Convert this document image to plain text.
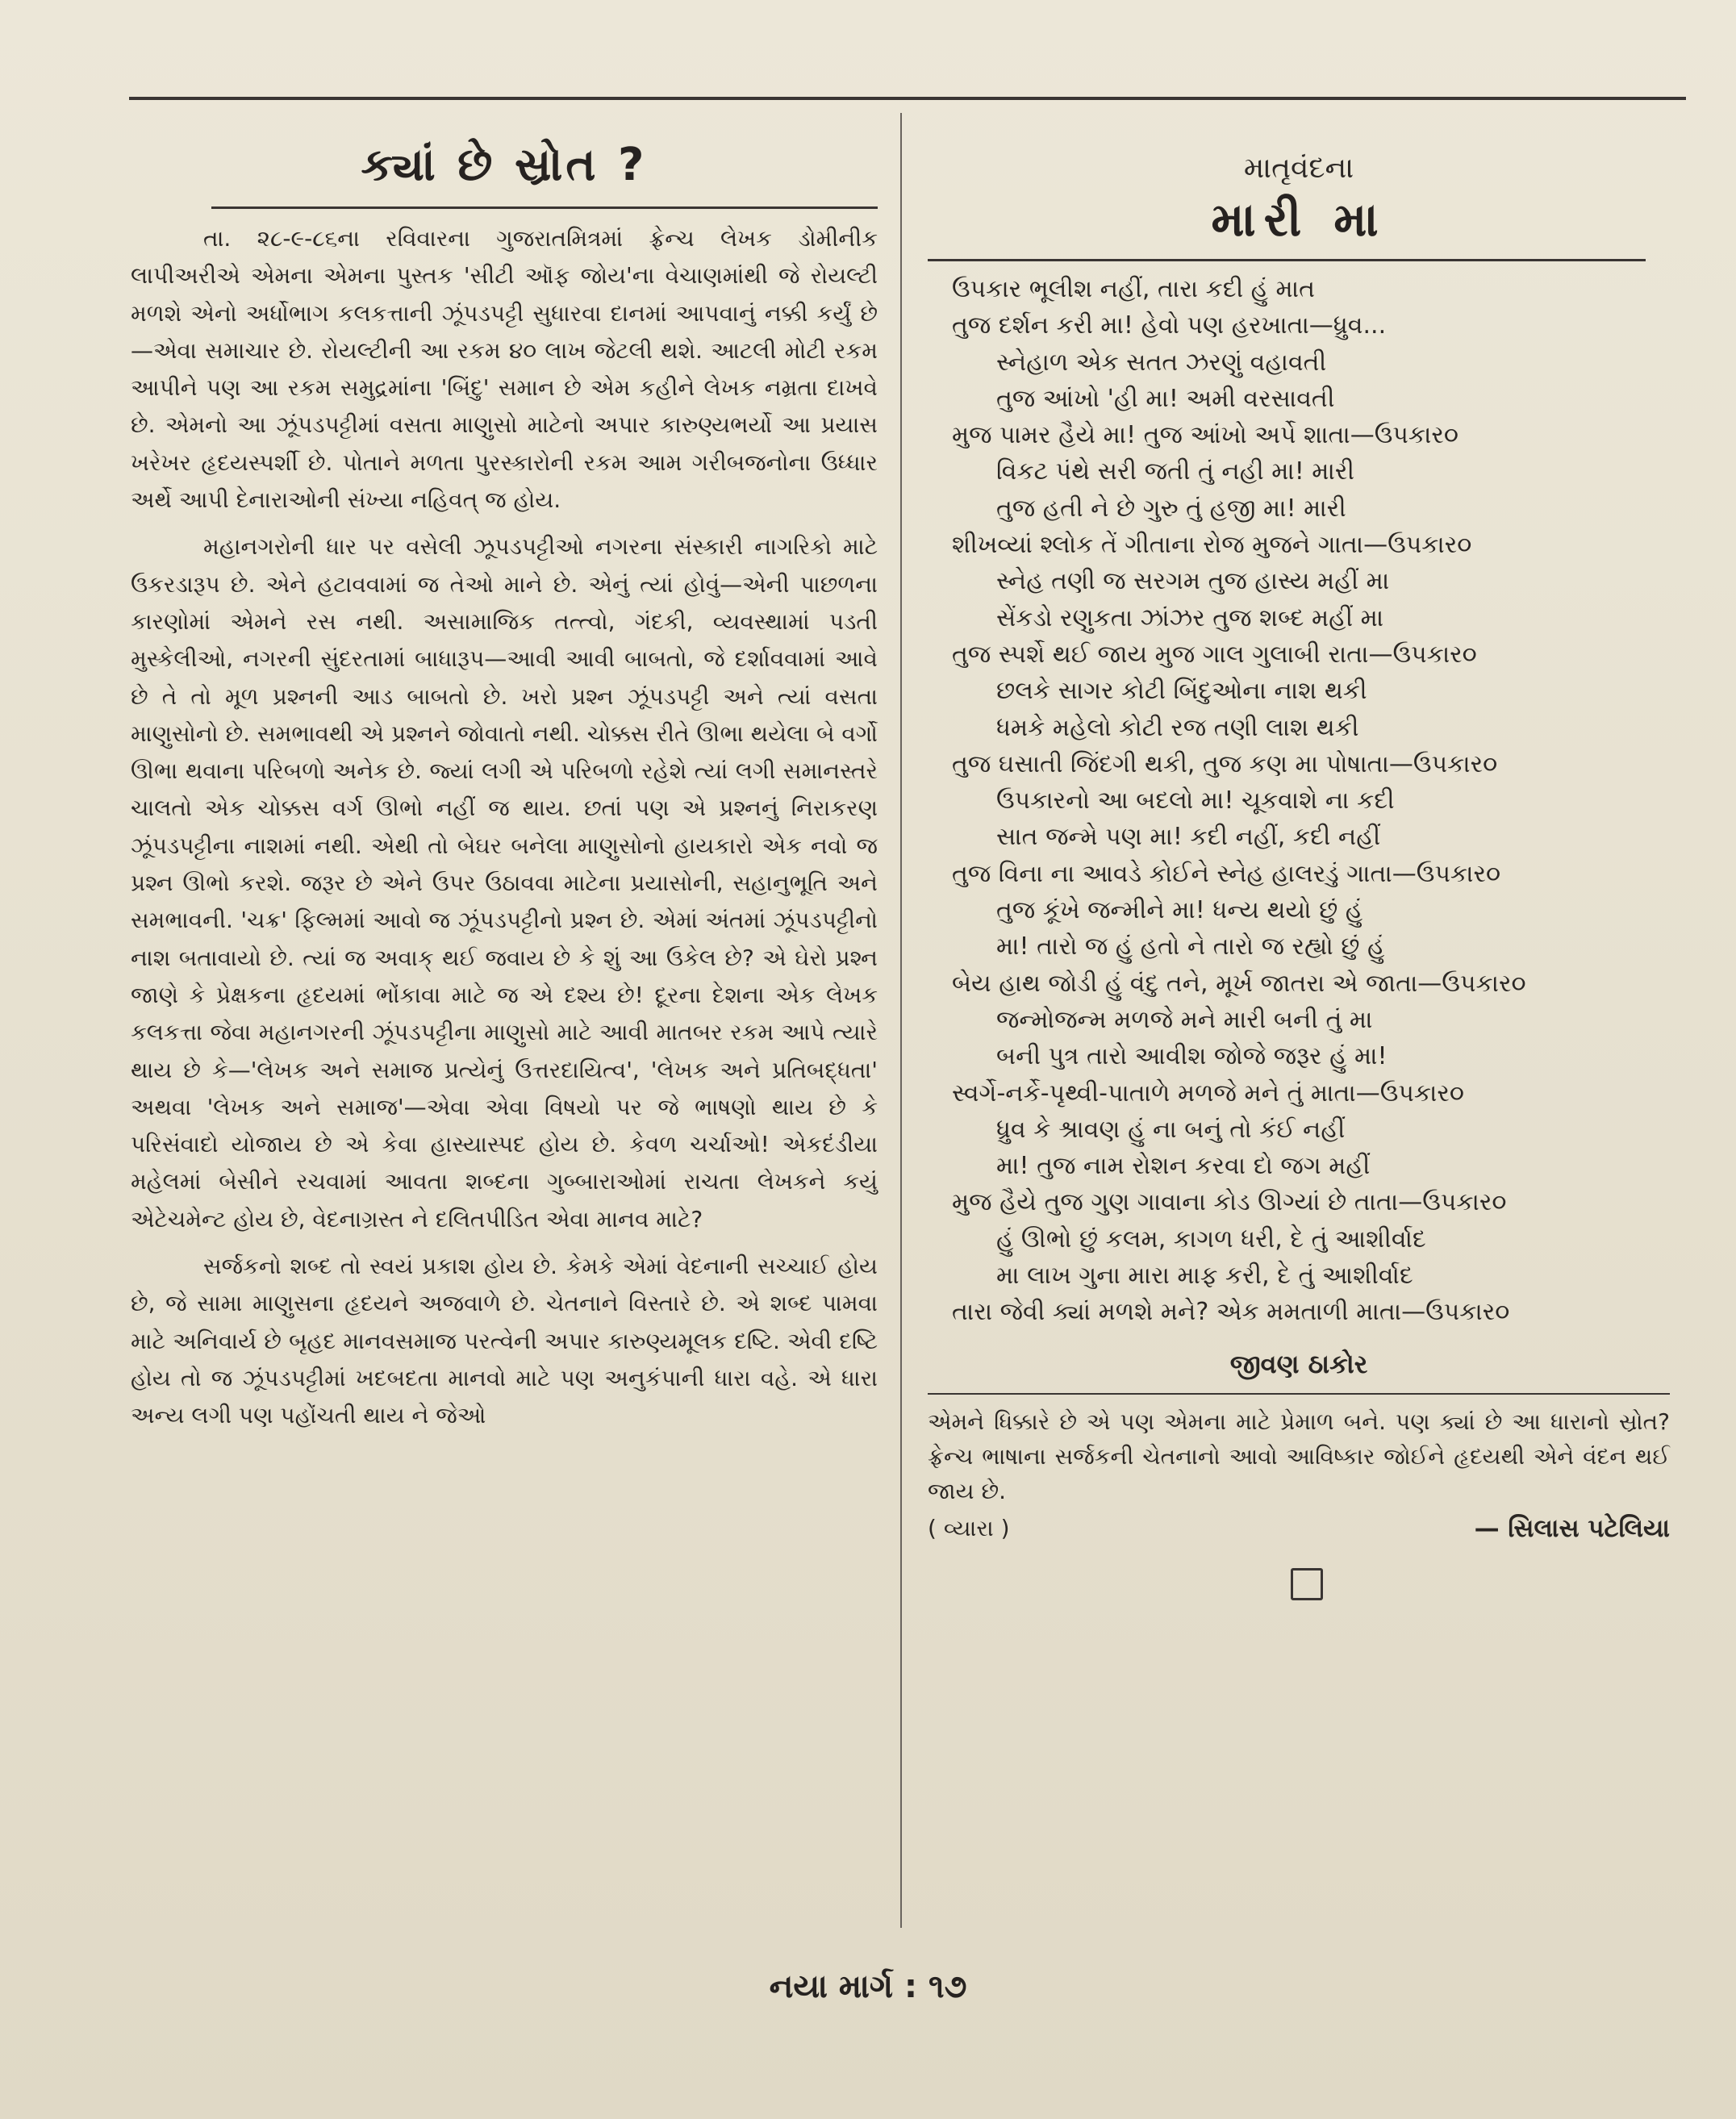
ક્યાં છે સ્રોત ?

તા. ૨૮-૯-૮૬ના રવિવારના ગુજરાતમિત્રમાં ફ્રેન્ચ લેખક ડોમીનીક લાપીઅરીએ એમના એમના પુસ્તક 'સીટી ઑફ જોય'ના વેચાણમાંથી જે રોયલ્ટી મળશે એનો અર્ધોભાગ કલકત્તાની ઝૂંપડપટ્ટી સુધારવા દાનમાં આપવાનું નક્કી કર્યું છે—એવા સમાચાર છે. રોયલ્ટીની આ રકમ ૪૦ લાખ જેટલી થશે. આટલી મોટી રકમ આપીને પણ આ રકમ સમુદ્રમાંના 'બિંદુ' સમાન છે એમ કહીને લેખક નમ્રતા દાખવે છે. એમનો આ ઝૂંપડપટ્ટીમાં વસતા માણુસો માટેનો અપાર કારુણ્યભર્યો આ પ્રયાસ ખરેખર હૃદયસ્પર્શી છે. પોતાને મળતા પુરસ્કારોની રકમ આમ ગરીબજનોના ઉધ્ધાર અર્થે આપી દેનારાઓની સંખ્યા નહિવત્ જ હોય.

મહાનગરોની ધાર પર વસેલી ઝૂપડપટ્ટીઓ નગરના સંસ્કારી નાગરિકો માટે ઉકરડારૂપ છે. એને હટાવવામાં જ તેઓ માને છે. એનું ત્યાં હોવું—એની પાછળના કારણોમાં એમને રસ નથી. અસામાજિક તત્ત્વો, ગંદકી, વ્યવસ્થામાં પડતી મુસ્કેલીઓ, નગરની સુંદરતામાં બાધારૂપ—આવી આવી બાબતો, જે દર્શાવવામાં આવે છે તે તો મૂળ પ્રશ્નની આડ બાબતો છે. ખરો પ્રશ્ન ઝૂંપડપટ્ટી અને ત્યાં વસતા માણુસોનો છે. સમભાવથી એ પ્રશ્નને જોવાતો નથી. ચોક્કસ રીતે ઊભા થયેલા બે વર્ગો ઊભા થવાના પરિબળો અનેક છે. જ્યાં લગી એ પરિબળો રહેશે ત્યાં લગી સમાનસ્તરે ચાલતો એક ચોક્કસ વર્ગ ઊભો નહીં જ થાય. છતાં પણ એ પ્રશ્નનું નિરાકરણ ઝૂંપડપટ્ટીના નાશમાં નથી. એથી તો બેઘર બનેલા માણુસોનો હાયકારો એક નવો જ પ્રશ્ન ઊભો કરશે. જરૂર છે એને ઉપર ઉઠાવવા માટેના પ્રયાસોની, સહાનુભૂતિ અને સમભાવની. 'ચક્ર' ફિલ્મમાં આવો જ ઝૂંપડપટ્ટીનો પ્રશ્ન છે. એમાં અંતમાં ઝૂંપડપટ્ટીનો નાશ બતાવાયો છે. ત્યાં જ અવાક્ થઈ જવાય છે કે શું આ ઉકેલ છે? એ ઘેરો પ્રશ્ન જાણે કે પ્રેક્ષકના હૃદયમાં ભોંકાવા માટે જ એ દશ્ય છે! દૂરના દેશના એક લેખક કલકત્તા જેવા મહાનગરની ઝૂંપડપટ્ટીના માણુસો માટે આવી માતબર રકમ આપે ત્યારે થાય છે કે—'લેખક અને સમાજ પ્રત્યેનું ઉત્તરદાયિત્વ', 'લેખક અને પ્રતિબદ્ધતા' અથવા 'લેખક અને સમાજ'—એવા એવા વિષયો પર જે ભાષણો થાય છે કે પરિસંવાદો યોજાય છે એ કેવા હાસ્યાસ્પદ હોય છે. કેવળ ચર્ચાઓ! એકદંડીયા મહેલમાં બેસીને રચવામાં આવતા શબ્દના ગુબ્બારાઓમાં રાચતા લેખકને કયું એટેચમેન્ટ હોય છે, વેદનાગ્રસ્ત ને દલિતપીડિત એવા માનવ માટે?

સર્જકનો શબ્દ તો સ્વયં પ્રકાશ હોય છે. કેમકે એમાં વેદનાની સચ્ચાઈ હોય છે, જે સામા માણુસના હૃદયને અજવાળે છે. ચેતનાને વિસ્તારે છે. એ શબ્દ પામવા માટે અનિવાર્ય છે બૃહદ માનવસમાજ પરત્વેની અપાર કારુણ્યમૂલક દષ્ટિ. એવી દષ્ટિ હોય તો જ ઝૂંપડપટ્ટીમાં ખદબદતા માનવો માટે પણ અનુકંપાની ધારા વહે. એ ધારા અન્ય લગી પણ પહોંચતી થાય ને જેઓ

માતૃવંદના
મારી મા
ઉપકાર ભૂલીશ નહીં, તારા કદી હું માત
તુજ દર્શન કરી મા! હેવો પણ હરખાતા—ધ્રુવ...
સ્નેહાળ એક સતત ઝરણું વહાવતી
તુજ આંખો 'હી મા! અમી વરસાવતી
મુજ પામર હૈયે મા! તુજ આંખો અર્પે શાતા—ઉપકાર૦
વિકટ પંથે સરી જતી તું નહી મા! મારી
તુજ હતી ને છે ગુરુ તું હજી મા! મારી
શીખવ્યાં શ્લોક તેં ગીતાના રોજ મુજને ગાતા—ઉપકાર૦
સ્નેહ તણી જ સરગમ તુજ હાસ્ય મહીં મા
સેંકડો રણુકતા ઝાંઝર તુજ શબ્દ મહીં મા
તુજ સ્પર્શે થઈ જાય મુજ ગાલ ગુલાબી રાતા—ઉપકાર૦
છલકે સાગર કોટી બિંદુઓના નાશ થકી
ધમકે મહેલો કોટી રજ તણી લાશ થકી
તુજ ઘસાતી જિંદગી થકી, તુજ કણ મા પોષાતા—ઉપકાર૦
ઉપકારનો આ બદલો મા! ચૂકવાશે ના કદી
સાત જન્મે પણ મા! કદી નહીં, કદી નહીં
તુજ વિના ના આવડે કોઈને સ્નેહ હાલરડું ગાતા—ઉપકાર૦
તુજ કૂંખે જન્મીને મા! ધન્ય થયો છું હું
મા! તારો જ હું હતો ને તારો જ રહ્યો છું હું
બેય હાથ જોડી હું વંદુ તને, મૂર્ખ જાતરા એ જાતા—ઉપકાર૦
જન્મોજન્મ મળજે મને મારી બની તું મા
બની પુત્ર તારો આવીશ જોજે જરૂર હું મા!
સ્વર્ગે-નર્કે-પૃથ્વી-પાતાળે મળજે મને તું માતા—ઉપકાર૦
ધ્રુવ કે શ્રાવણ હું ના બનું તો કંઈ નહીં
મા! તુજ નામ રોશન કરવા દો જગ મહીં
મુજ હૈયે તુજ ગુણ ગાવાના કોડ ઊગ્યાં છે તાતા—ઉપકાર૦
હું ઊભો છું કલમ, કાગળ ધરી, દે તું આશીર્વાદ
મા લાખ ગુના મારા માફ કરી, દે તું આશીર્વાદ
તારા જેવી ક્યાં મળશે મને? એક મમતાળી માતા—ઉપકાર૦
જીવણ ઠાકોર

એમને ધિક્કારે છે એ પણ એમના માટે પ્રેમાળ બને. પણ ક્યાં છે આ ધારાનો સ્રોત? ફ્રેન્ચ ભાષાના સર્જકની ચેતનાનો આવો આવિષ્કાર જોઈને હૃદયથી એને વંદન થઈ જાય છે.

( વ્યારા )	— સિલાસ પટેલિયા
નયા માર્ગ : ૧૭
